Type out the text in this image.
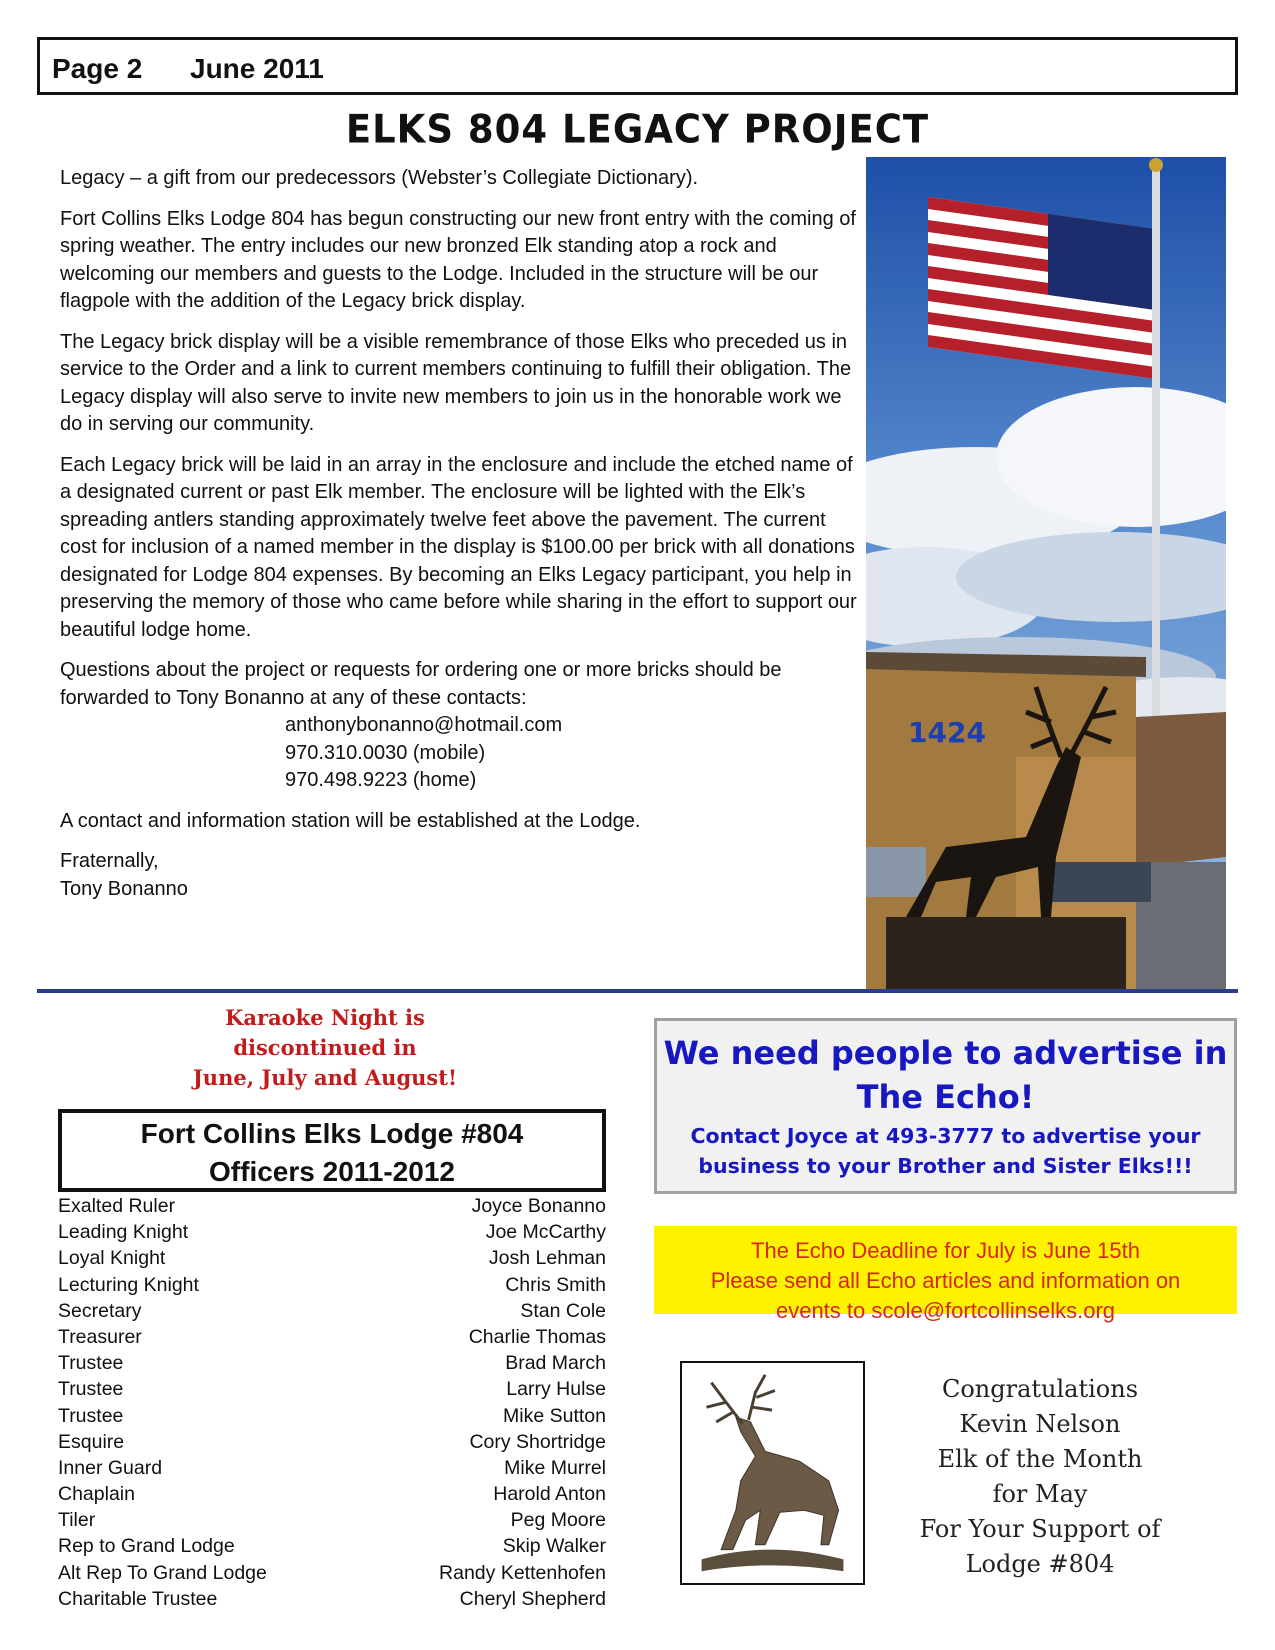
Page 2 June 2011
ELKS 804 LEGACY PROJECT

Legacy – a gift from our predecessors (Webster’s Collegiate Dictionary).

Fort Collins Elks Lodge 804 has begun constructing our new front entry with the coming of spring weather. The entry includes our new bronzed Elk standing atop a rock and welcoming our members and guests to the Lodge. Included in the structure will be our flagpole with the addition of the Legacy brick display.

The Legacy brick display will be a visible remembrance of those Elks who preceded us in service to the Order and a link to current members continuing to fulfill their obligation. The Legacy display will also serve to invite new members to join us in the honorable work we do in serving our community.

Each Legacy brick will be laid in an array in the enclosure and include the etched name of a designated current or past Elk member. The enclosure will be lighted with the Elk’s spreading antlers standing approximately twelve feet above the pavement. The current cost for inclusion of a named member in the display is $100.00 per brick with all donations designated for Lodge 804 expenses. By becoming an Elks Legacy participant, you help in preserving the memory of those who came before while sharing in the effort to support our beautiful lodge home.

Questions about the project or requests for ordering one or more bricks should be forwarded to Tony Bonanno at any of these contacts:

anthonybonanno@hotmail.com

970.310.0030 (mobile)

970.498.9223 (home)

A contact and information station will be established at the Lodge.

Fraternally,

Tony Bonanno

1424
Karaoke Night is
discontinued in
June, July and August!
Fort Collins Elks Lodge #804
Officers 2011-2012
Exalted Ruler	Joyce Bonanno
Leading Knight	Joe McCarthy
Loyal Knight	Josh Lehman
Lecturing Knight	Chris Smith
Secretary	Stan Cole
Treasurer	Charlie Thomas
Trustee	Brad March
Trustee	Larry Hulse
Trustee	Mike Sutton
Esquire	Cory Shortridge
Inner Guard	Mike Murrel
Chaplain	Harold Anton
Tiler	Peg Moore
Rep to Grand Lodge	Skip Walker
Alt Rep To Grand Lodge	Randy Kettenhofen
Charitable Trustee	Cheryl Shepherd
We need people to advertise in
The Echo!
Contact Joyce at 493-3777 to advertise your
business to your Brother and Sister Elks!!!
The Echo Deadline for July is June 15th
Please send all Echo articles and information on
events to scole@fortcollinselks.org
Congratulations
Kevin Nelson
Elk of the Month
for May
For Your Support of
Lodge #804
